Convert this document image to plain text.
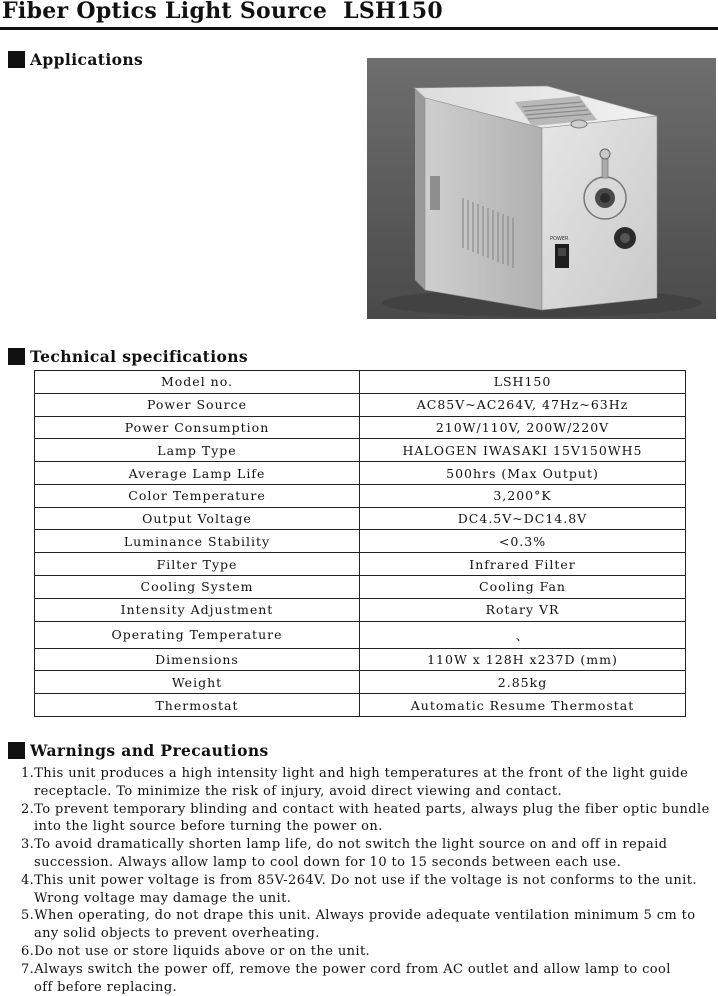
Fiber Optics Light Source  LSH150
Applications
POWER
Technical specifications
Model no.	LSH150
Power Source	AC85V~AC264V, 47Hz~63Hz
Power Consumption	210W/110V, 200W/220V
Lamp Type	HALOGEN IWASAKI 15V150WH5
Average Lamp Life	500hrs (Max Output)
Color Temperature	3,200°K
Output Voltage	DC4.5V~DC14.8V
Luminance Stability	<0.3%
Filter Type	Infrared Filter
Cooling System	Cooling Fan
Intensity Adjustment	Rotary VR
Operating Temperature	、
Dimensions	110W x 128H x237D (mm)
Weight	2.85kg
Thermostat	Automatic Resume Thermostat
Warnings and Precautions
1.This unit produces a high intensity light and high temperatures at the front of the light guide
receptacle. To minimize the risk of injury, avoid direct viewing and contact.
2.To prevent temporary blinding and contact with heated parts, always plug the fiber optic bundle
into the light source before turning the power on.
3.To avoid dramatically shorten lamp life, do not switch the light source on and off in repaid
succession. Always allow lamp to cool down for 10 to 15 seconds between each use.
4.This unit power voltage is from 85V-264V. Do not use if the voltage is not conforms to the unit.
Wrong voltage may damage the unit.
5.When operating, do not drape this unit. Always provide adequate ventilation minimum 5 cm to
any solid objects to prevent overheating.
6.Do not use or store liquids above or on the unit.
7.Always switch the power off, remove the power cord from AC outlet and allow lamp to cool
off before replacing.
